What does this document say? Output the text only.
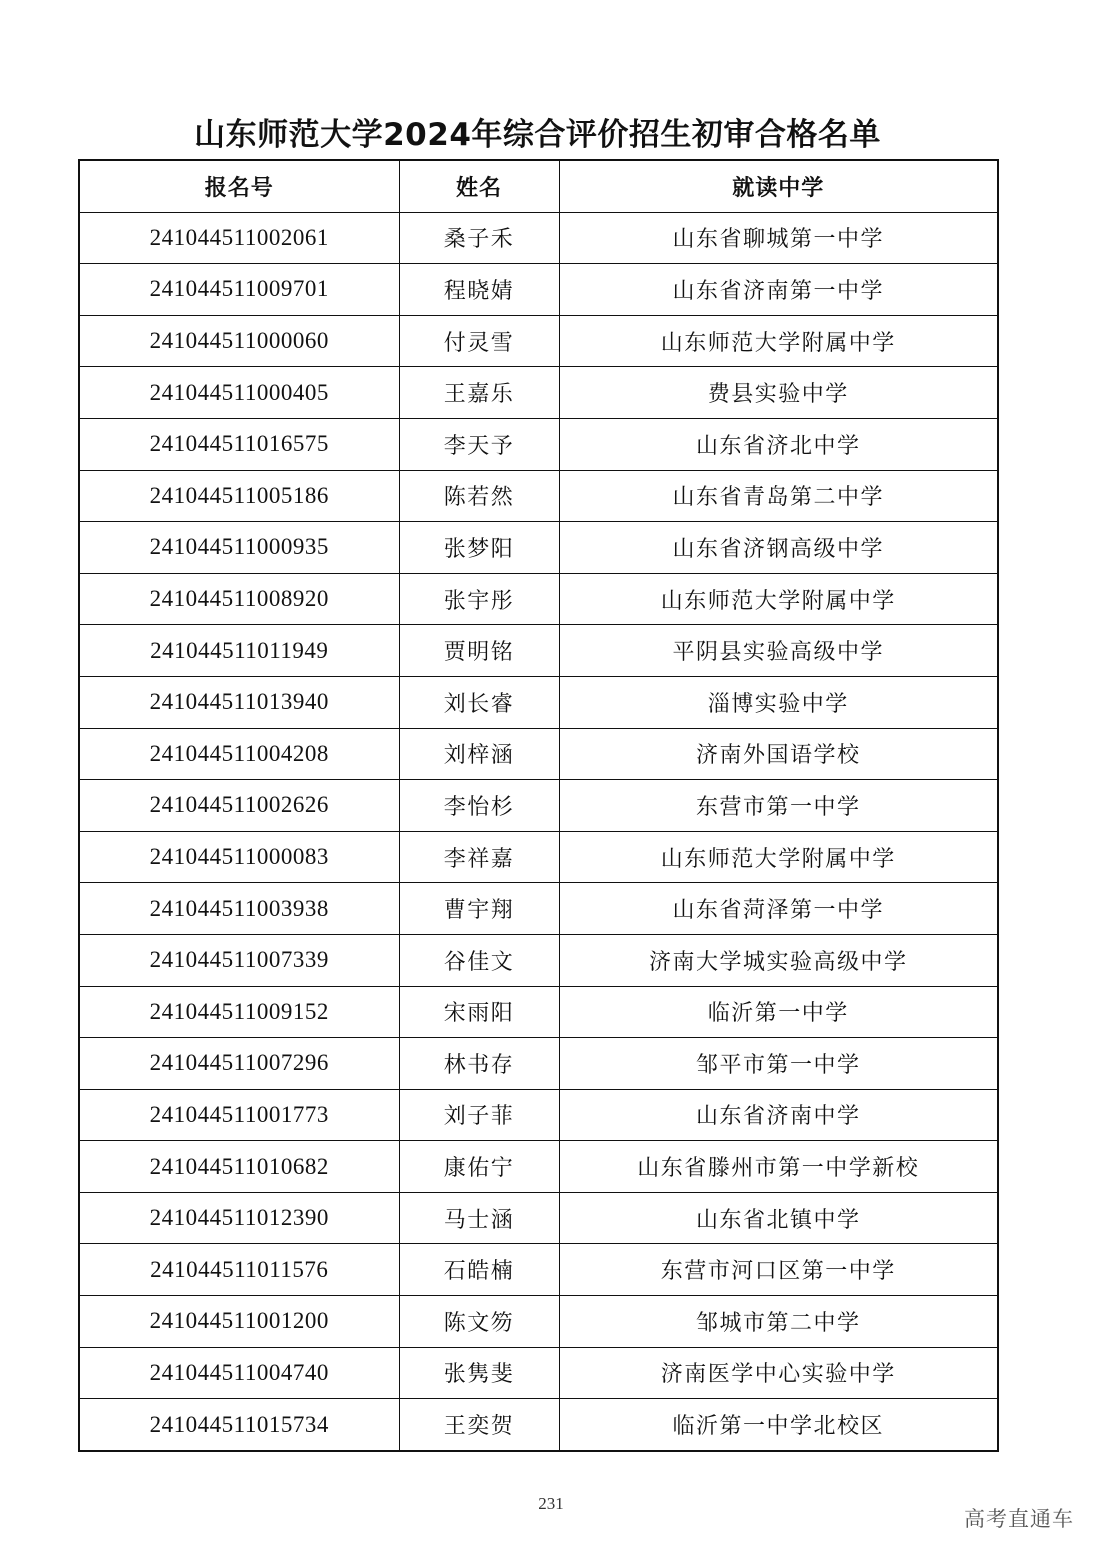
山东师范大学2024年综合评价招生初审合格名单
报名号	姓名	就读中学
241044511002061	桑子禾	山东省聊城第一中学
241044511009701	程晓婧	山东省济南第一中学
241044511000060	付灵雪	山东师范大学附属中学
241044511000405	王嘉乐	费县实验中学
241044511016575	李天予	山东省济北中学
241044511005186	陈若然	山东省青岛第二中学
241044511000935	张梦阳	山东省济钢高级中学
241044511008920	张宇彤	山东师范大学附属中学
241044511011949	贾明铭	平阴县实验高级中学
241044511013940	刘长睿	淄博实验中学
241044511004208	刘梓涵	济南外国语学校
241044511002626	李怡杉	东营市第一中学
241044511000083	李祥嘉	山东师范大学附属中学
241044511003938	曹宇翔	山东省菏泽第一中学
241044511007339	谷佳文	济南大学城实验高级中学
241044511009152	宋雨阳	临沂第一中学
241044511007296	林书存	邹平市第一中学
241044511001773	刘子菲	山东省济南中学
241044511010682	康佑宁	山东省滕州市第一中学新校
241044511012390	马士涵	山东省北镇中学
241044511011576	石皓楠	东营市河口区第一中学
241044511001200	陈文笏	邹城市第二中学
241044511004740	张隽斐	济南医学中心实验中学
241044511015734	王奕贺	临沂第一中学北校区
231
高考直通车
